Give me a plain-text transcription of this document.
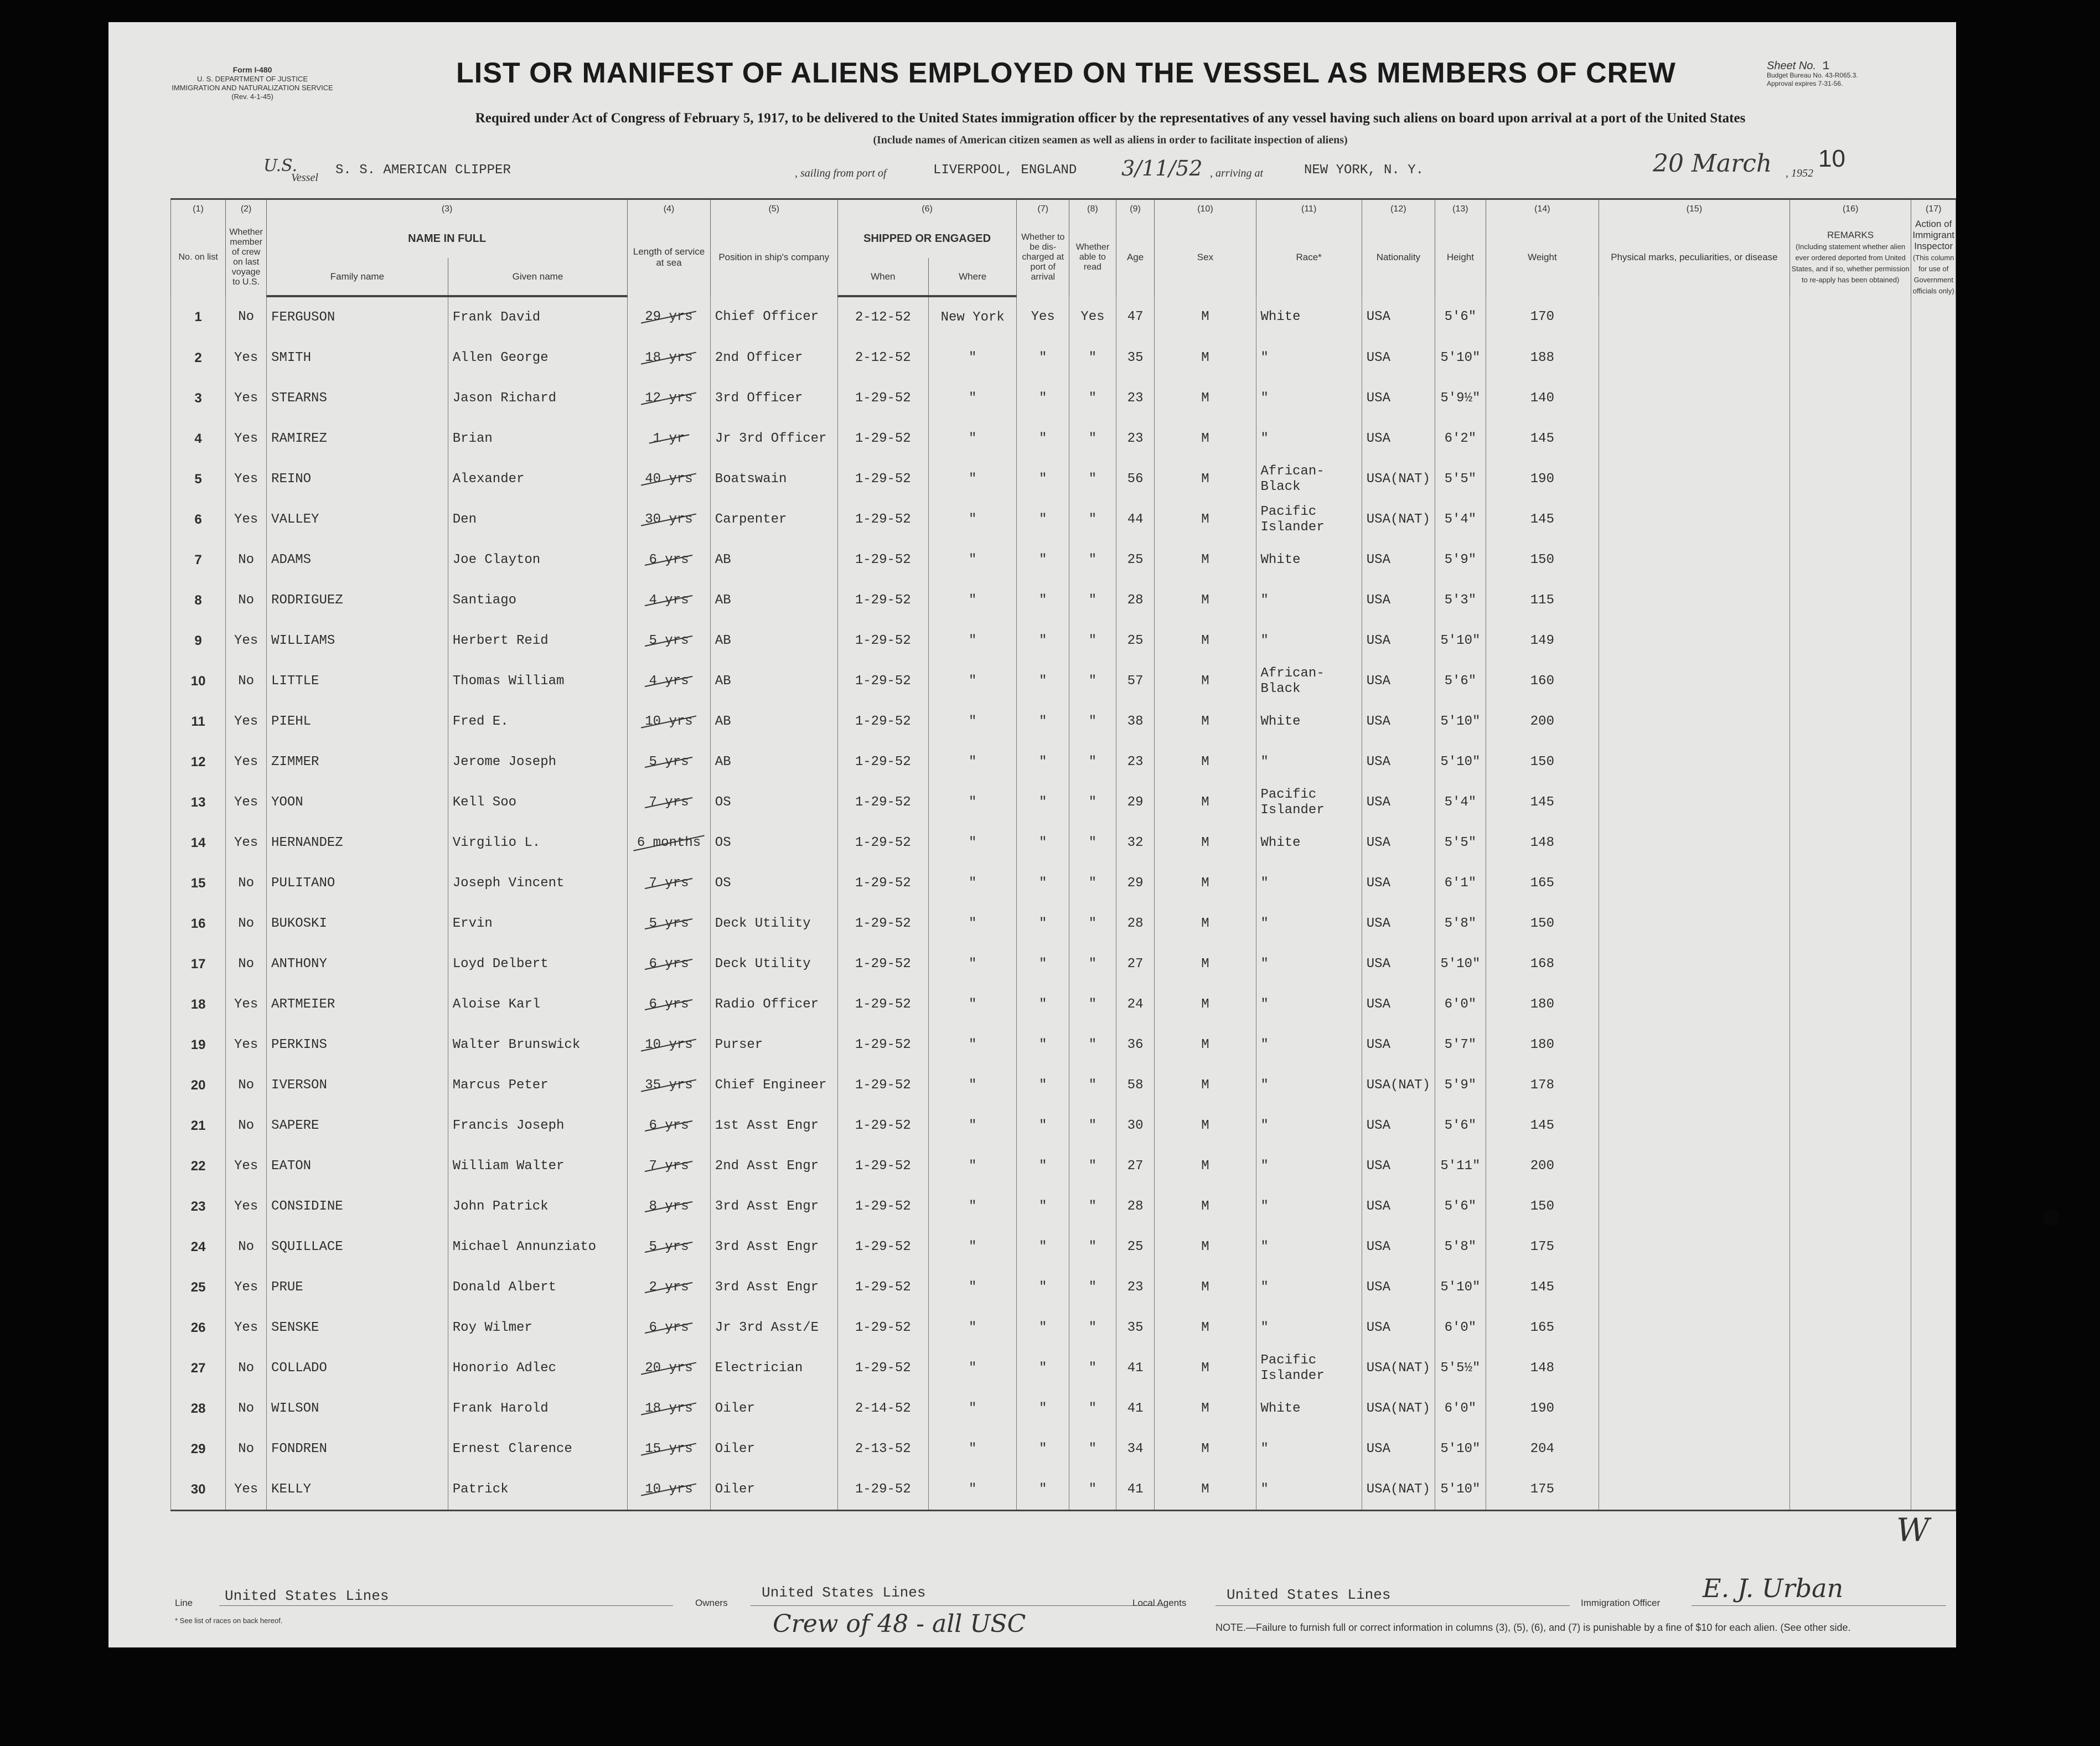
Form I-480
U. S. DEPARTMENT OF JUSTICE
IMMIGRATION AND NATURALIZATION SERVICE
(Rev. 4-1-45)
LIST OR MANIFEST OF ALIENS EMPLOYED ON THE VESSEL AS MEMBERS OF CREW	Sheet No. 1
Budget Bureau No. 43-R065.3.
Approval expires 7-31-56.
Required under Act of Congress of February 5, 1917, to be delivered to the United States immigration officer by the representatives of any vessel having such aliens on board upon arrival at a port of the United States
(Include names of American citizen seamen as well as aliens in order to facilitate inspection of aliens)
U.S.
Vessel S. S. AMERICAN CLIPPER	, sailing from port of	LIVERPOOL, ENGLAND 3/11/52 , arriving at	NEW YORK, N. Y.	20 March , 1952
10
(1)	(2)	(3)		(4)	(5)	(6)		(7)	(8)	(9)	(10)	(11)	(12)	(13)	(14)	(15)	(16)	(17)
No. on list	Whether member of crew on last voyage to U.S.	NAME IN FULL		Length of service at sea	Position in ship's company	SHIPPED OR ENGAGED		Whether to be dis-charged at port of arrival	Whether able to read	Age	Sex	Race*	Nationality	Height	Weight	Physical marks, peculiarities, or disease	REMARKS
(Including statement whether alien ever ordered deported from United States, and if so, whether permission to re-apply has been obtained)	Action of Immigrant Inspector
(This column for use of Government officials only)
		Family name	Given name			When	Where											
1	No	FERGUSON	Frank David	29 yrs	Chief Officer	2-12-52	New York	Yes	Yes	47	M	White	USA	5'6"	170			
2	Yes	SMITH	Allen George	18 yrs	2nd Officer	2-12-52	"	"	"	35	M	"	USA	5'10"	188			
3	Yes	STEARNS	Jason Richard	12 yrs	3rd Officer	1-29-52	"	"	"	23	M	"	USA	5'9½"	140			
4	Yes	RAMIREZ	Brian	1 yr	Jr 3rd Officer	1-29-52	"	"	"	23	M	"	USA	6'2"	145			
5	Yes	REINO	Alexander	40 yrs	Boatswain	1-29-52	"	"	"	56	M	African-Black	USA(NAT)	5'5"	190			
6	Yes	VALLEY	Den	30 yrs	Carpenter	1-29-52	"	"	"	44	M	Pacific Islander	USA(NAT)	5'4"	145			
7	No	ADAMS	Joe Clayton	6 yrs	AB	1-29-52	"	"	"	25	M	White	USA	5'9"	150			
8	No	RODRIGUEZ	Santiago	4 yrs	AB	1-29-52	"	"	"	28	M	"	USA	5'3"	115			
9	Yes	WILLIAMS	Herbert Reid	5 yrs	AB	1-29-52	"	"	"	25	M	"	USA	5'10"	149			
10	No	LITTLE	Thomas William	4 yrs	AB	1-29-52	"	"	"	57	M	African-Black	USA	5'6"	160			
11	Yes	PIEHL	Fred E.	10 yrs	AB	1-29-52	"	"	"	38	M	White	USA	5'10"	200			
12	Yes	ZIMMER	Jerome Joseph	5 yrs	AB	1-29-52	"	"	"	23	M	"	USA	5'10"	150			
13	Yes	YOON	Kell Soo	7 yrs	OS	1-29-52	"	"	"	29	M	Pacific Islander	USA	5'4"	145			
14	Yes	HERNANDEZ	Virgilio L.	6 months	OS	1-29-52	"	"	"	32	M	White	USA	5'5"	148			
15	No	PULITANO	Joseph Vincent	7 yrs	OS	1-29-52	"	"	"	29	M	"	USA	6'1"	165			
16	No	BUKOSKI	Ervin	5 yrs	Deck Utility	1-29-52	"	"	"	28	M	"	USA	5'8"	150			
17	No	ANTHONY	Loyd Delbert	6 yrs	Deck Utility	1-29-52	"	"	"	27	M	"	USA	5'10"	168			
18	Yes	ARTMEIER	Aloise Karl	6 yrs	Radio Officer	1-29-52	"	"	"	24	M	"	USA	6'0"	180			
19	Yes	PERKINS	Walter Brunswick	10 yrs	Purser	1-29-52	"	"	"	36	M	"	USA	5'7"	180			
20	No	IVERSON	Marcus Peter	35 yrs	Chief Engineer	1-29-52	"	"	"	58	M	"	USA(NAT)	5'9"	178			
21	No	SAPERE	Francis Joseph	6 yrs	1st Asst Engr	1-29-52	"	"	"	30	M	"	USA	5'6"	145			
22	Yes	EATON	William Walter	7 yrs	2nd Asst Engr	1-29-52	"	"	"	27	M	"	USA	5'11"	200			
23	Yes	CONSIDINE	John Patrick	8 yrs	3rd Asst Engr	1-29-52	"	"	"	28	M	"	USA	5'6"	150			
24	No	SQUILLACE	Michael Annunziato	5 yrs	3rd Asst Engr	1-29-52	"	"	"	25	M	"	USA	5'8"	175			
25	Yes	PRUE	Donald Albert	2 yrs	3rd Asst Engr	1-29-52	"	"	"	23	M	"	USA	5'10"	145			
26	Yes	SENSKE	Roy Wilmer	6 yrs	Jr 3rd Asst/E	1-29-52	"	"	"	35	M	"	USA	6'0"	165			
27	No	COLLADO	Honorio Adlec	20 yrs	Electrician	1-29-52	"	"	"	41	M	Pacific Islander	USA(NAT)	5'5½"	148			
28	No	WILSON	Frank Harold	18 yrs	Oiler	2-14-52	"	"	"	41	M	White	USA(NAT)	6'0"	190			
29	No	FONDREN	Ernest Clarence	15 yrs	Oiler	2-13-52	"	"	"	34	M	"	USA	5'10"	204			
30	Yes	KELLY	Patrick	10 yrs	Oiler	1-29-52	"	"	"	41	M	"	USA(NAT)	5'10"	175			
Line United States Lines	Owners
United States Lines
Local Agents	United States Lines	Immigration Officer E. J. Urban
* See list of races on back hereof.	Crew of 48 - all USC	NOTE.—Failure to furnish full or correct information in columns (3), (5), (6), and (7) is punishable by a fine of $10 for each alien. (See other side.
W
